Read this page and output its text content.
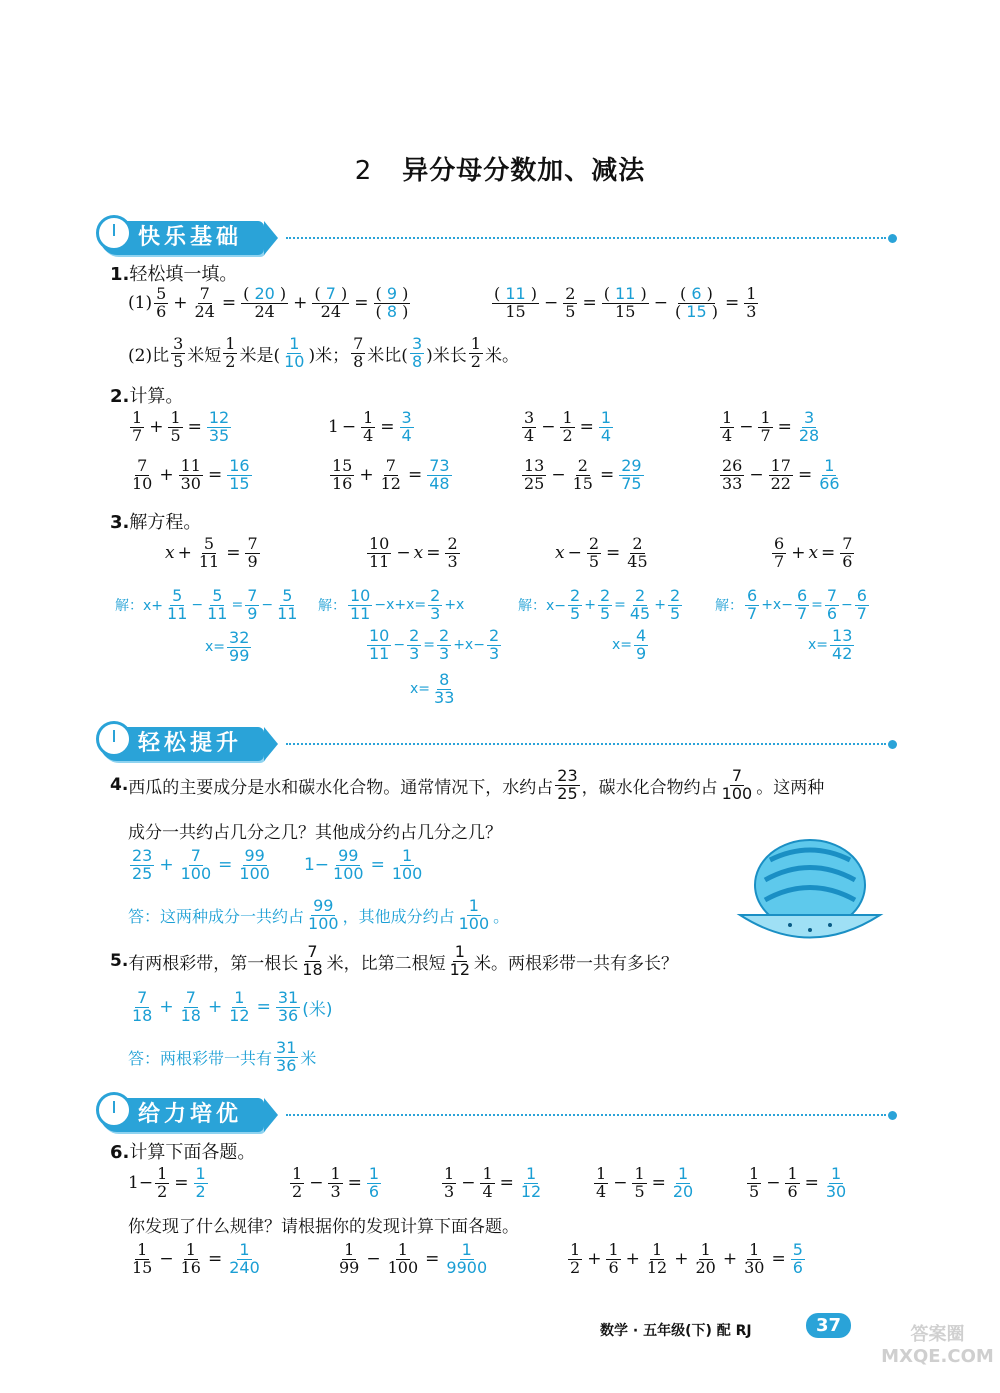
2 异分母分数加、减法
快乐基础
1.轻松填一填。
$(1) \frac{5}{6} + \frac{7}{24} = \frac{( 20 )}{24} + \frac{( 7 )}{24} = \frac{( 9 )}{( 8 )}$	$\frac{( 11 )}{15} - \frac{2}{5} = \frac{( 11 )}{15} - \frac{( 6 )}{( 15 )} = \frac{1}{3}$
(2)比 $\frac{3}{5}$ 米短 $\frac{1}{2}$ 米是( $\frac{1}{10}$ )米； $\frac{7}{8}$ 米比( $\frac{3}{8}$ )米长 $\frac{1}{2}$ 米。
2.计算。
$\frac{1}{7} + \frac{1}{5} = \frac{12}{35}$	$1 - \frac{1}{4} = \frac{3}{4}$	$\frac{3}{4} - \frac{1}{2} = \frac{1}{4}$	$\frac{1}{4} - \frac{1}{7} = \frac{3}{28}$
$\frac{7}{10} + \frac{11}{30} = \frac{16}{15}$	$\frac{15}{16} + \frac{7}{12} = \frac{73}{48}$	$\frac{13}{25} - \frac{2}{15} = \frac{29}{75}$	$\frac{26}{33} - \frac{17}{22} = \frac{1}{66}$
3.解方程。
$x + \frac{5}{11} = \frac{7}{9}$	$\frac{10}{11} - x = \frac{2}{3}$	$x - \frac{2}{5} = \frac{2}{45}$	$\frac{6}{7} + x = \frac{7}{6}$
解：$x+ \frac{5}{11} - \frac{5}{11} = \frac{7}{9} - \frac{5}{11}$
$x= \frac{32}{99}$
解： $\frac{10}{11} -x+x= \frac{2}{3} +x$
$\frac{10}{11} - \frac{2}{3} = \frac{2}{3} +x- \frac{2}{3}$
$x= \frac{8}{33}$
解：$x- \frac{2}{5} + \frac{2}{5} = \frac{2}{45} + \frac{2}{5}$
$x= \frac{4}{9}$
解： $\frac{6}{7} +x- \frac{6}{7} = \frac{7}{6} - \frac{6}{7}$
$x= \frac{13}{42}$
轻松提升
4. 西瓜的主要成分是水和碳水化合物。通常情况下，水约占 $\frac{23}{25}$ ，碳水化合物约占 $\frac{7}{100}$ 。这两种
成分一共约占几分之几？其他成分约占几分之几？
$\frac{23}{25} + \frac{7}{100} = \frac{99}{100} 1- \frac{99}{100} = \frac{1}{100}$
答：这两种成分一共约占 $\frac{99}{100}$ ，其他成分约占 $\frac{1}{100}$ 。
5. 有两根彩带，第一根长 $\frac{7}{18}$ 米，比第二根短 $\frac{1}{12}$ 米。两根彩带一共有多长？
$\frac{7}{18} + \frac{7}{18} + \frac{1}{12} = \frac{31}{36}$ (米)
答：两根彩带一共有 $\frac{31}{36}$ 米
给力培优
6.计算下面各题。
$1- \frac{1}{2} = \frac{1}{2}$	$\frac{1}{2} - \frac{1}{3} = \frac{1}{6}$	$\frac{1}{3} - \frac{1}{4} = \frac{1}{12}$	$\frac{1}{4} - \frac{1}{5} = \frac{1}{20}$	$\frac{1}{5} - \frac{1}{6} = \frac{1}{30}$
你发现了什么规律？请根据你的发现计算下面各题。
$\frac{1}{15} - \frac{1}{16} = \frac{1}{240}$	$\frac{1}{99} - \frac{1}{100} = \frac{1}{9900}$	$\frac{1}{2} + \frac{1}{6} + \frac{1}{12} + \frac{1}{20} + \frac{1}{30} = \frac{5}{6}$
数学 · 五年级(下) 配 RJ	37	答案圈 MXQE.COM
